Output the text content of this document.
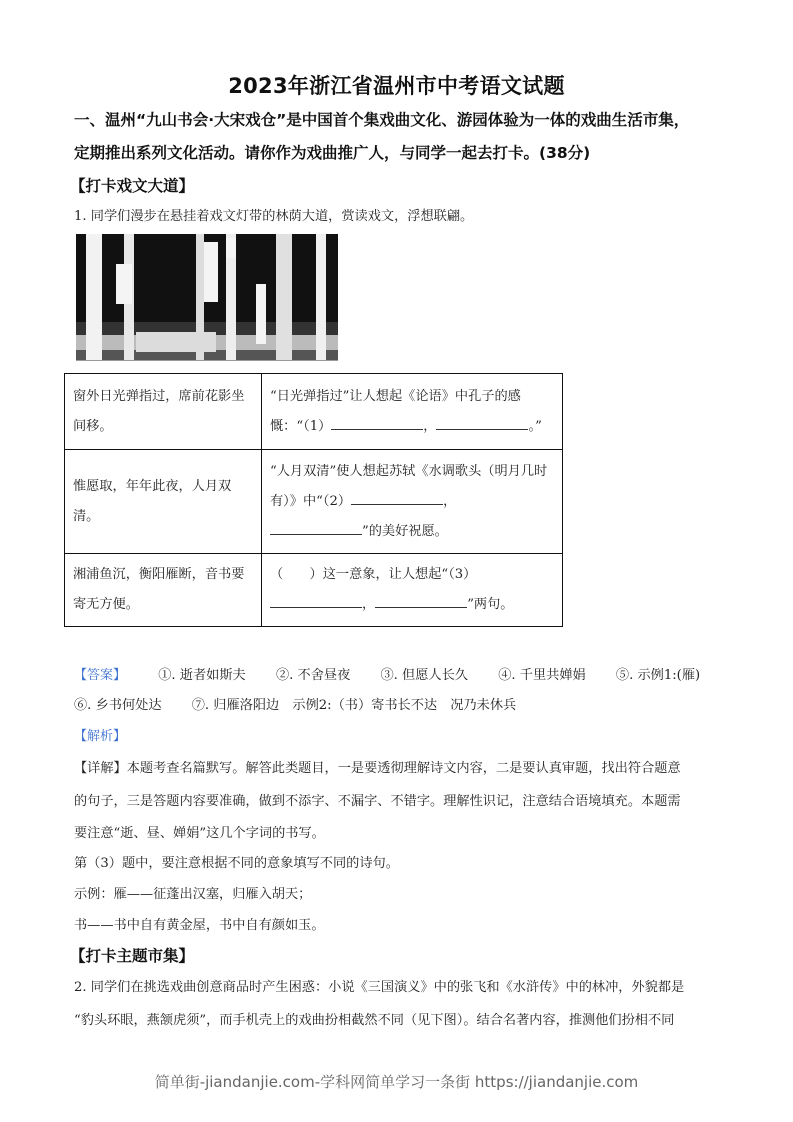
2023年浙江省温州市中考语文试题
一、温州“九山书会·大宋戏仓”是中国首个集戏曲文化、游园体验为一体的戏曲生活市集，
定期推出系列文化活动。请你作为戏曲推广人，与同学一起去打卡。(38分)
【打卡戏文大道】
1. 同学们漫步在悬挂着戏文灯带的林荫大道，赏读戏文，浮想联翩。
窗外日光弹指过，席前花影坐间移。	“日光弹指过”让人想起《论语》中孔子的感慨：“（1） ， 。”
惟愿取，年年此夜，人月双清。	“人月双清”使人想起苏轼《水调歌头（明月几时有）》中“（2） ，
”的美好祝愿。
湘浦鱼沉，衡阳雁断，音书要寄无方便。	（　　）这一意象，让人想起“（3）
， ”两句。
【答案】 ①. 逝者如斯夫 ②. 不舍昼夜 ③. 但愿人长久 ④. 千里共婵娟 ⑤. 示例1:(雁)
⑥. 乡书何处达 ⑦. 归雁洛阳边　示例2:（书）寄书长不达　况乃未休兵
【解析】
【详解】本题考查名篇默写。解答此类题目，一是要透彻理解诗文内容，二是要认真审题，找出符合题意
的句子，三是答题内容要准确，做到不添字、不漏字、不错字。理解性识记，注意结合语境填充。本题需
要注意“逝、昼、婵娟”这几个字词的书写。
第（3）题中，要注意根据不同的意象填写不同的诗句。
示例：雁——征蓬出汉塞，归雁入胡天；
书——书中自有黄金屋，书中自有颜如玉。
【打卡主题市集】
2. 同学们在挑选戏曲创意商品时产生困惑：小说《三国演义》中的张飞和《水浒传》中的林冲，外貌都是
“豹头环眼，燕颔虎须”，而手机壳上的戏曲扮相截然不同（见下图）。结合名著内容，推测他们扮相不同
简单街-jiandanjie.com-学科网简单学习一条街 https://jiandanjie.com
